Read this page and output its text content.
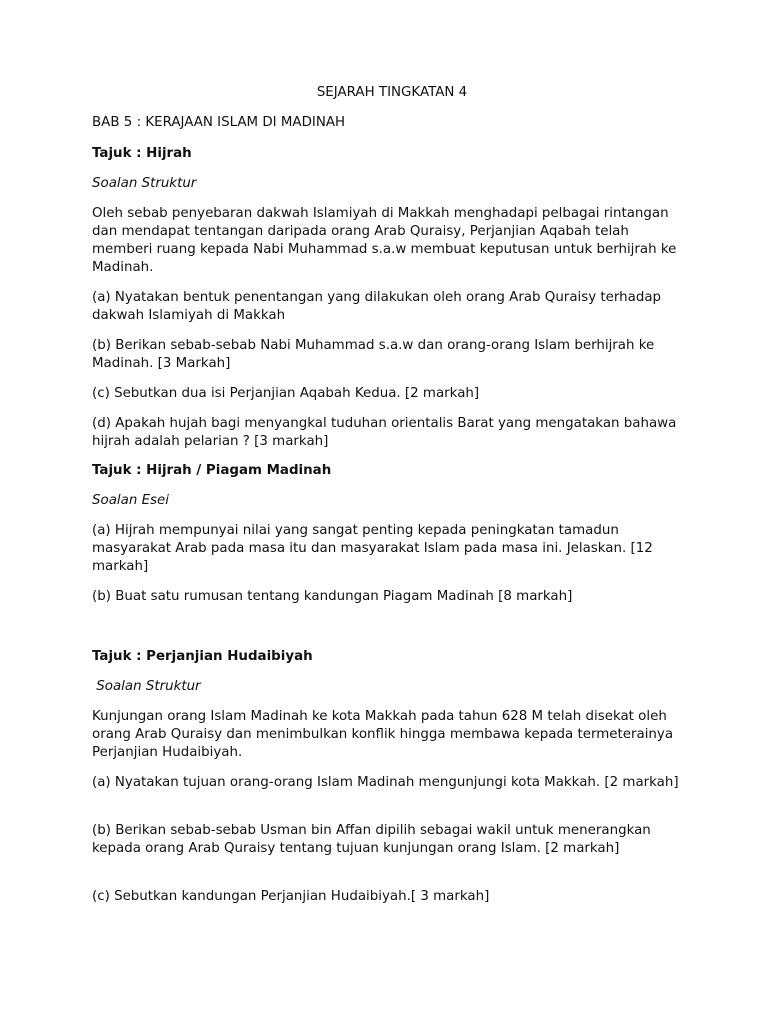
SEJARAH TINGKATAN 4

BAB 5 : KERAJAAN ISLAM DI MADINAH

Tajuk : Hijrah

Soalan Struktur

Oleh sebab penyebaran dakwah Islamiyah di Makkah menghadapi pelbagai rintangan dan mendapat tentangan daripada orang Arab Quraisy, Perjanjian Aqabah telah memberi ruang kepada Nabi Muhammad s.a.w membuat keputusan untuk berhijrah ke Madinah.

(a) Nyatakan bentuk penentangan yang dilakukan oleh orang Arab Quraisy terhadap dakwah Islamiyah di Makkah

(b) Berikan sebab-sebab Nabi Muhammad s.a.w dan orang-orang Islam berhijrah ke Madinah. [3 Markah]

(c) Sebutkan dua isi Perjanjian Aqabah Kedua. [2 markah]

(d) Apakah hujah bagi menyangkal tuduhan orientalis Barat yang mengatakan bahawa hijrah adalah pelarian ? [3 markah]

Tajuk : Hijrah / Piagam Madinah

Soalan Esei

(a) Hijrah mempunyai nilai yang sangat penting kepada peningkatan tamadun masyarakat Arab pada masa itu dan masyarakat Islam pada masa ini. Jelaskan. [12 markah]

(b) Buat satu rumusan tentang kandungan Piagam Madinah [8 markah]

Tajuk : Perjanjian Hudaibiyah

Soalan Struktur

Kunjungan orang Islam Madinah ke kota Makkah pada tahun 628 M telah disekat oleh orang Arab Quraisy dan menimbulkan konflik hingga membawa kepada termeterainya Perjanjian Hudaibiyah.

(a) Nyatakan tujuan orang-orang Islam Madinah mengunjungi kota Makkah. [2 markah]

(b) Berikan sebab-sebab Usman bin Affan dipilih sebagai wakil untuk menerangkan kepada orang Arab Quraisy tentang tujuan kunjungan orang Islam. [2 markah]

(c) Sebutkan kandungan Perjanjian Hudaibiyah.[ 3 markah]
